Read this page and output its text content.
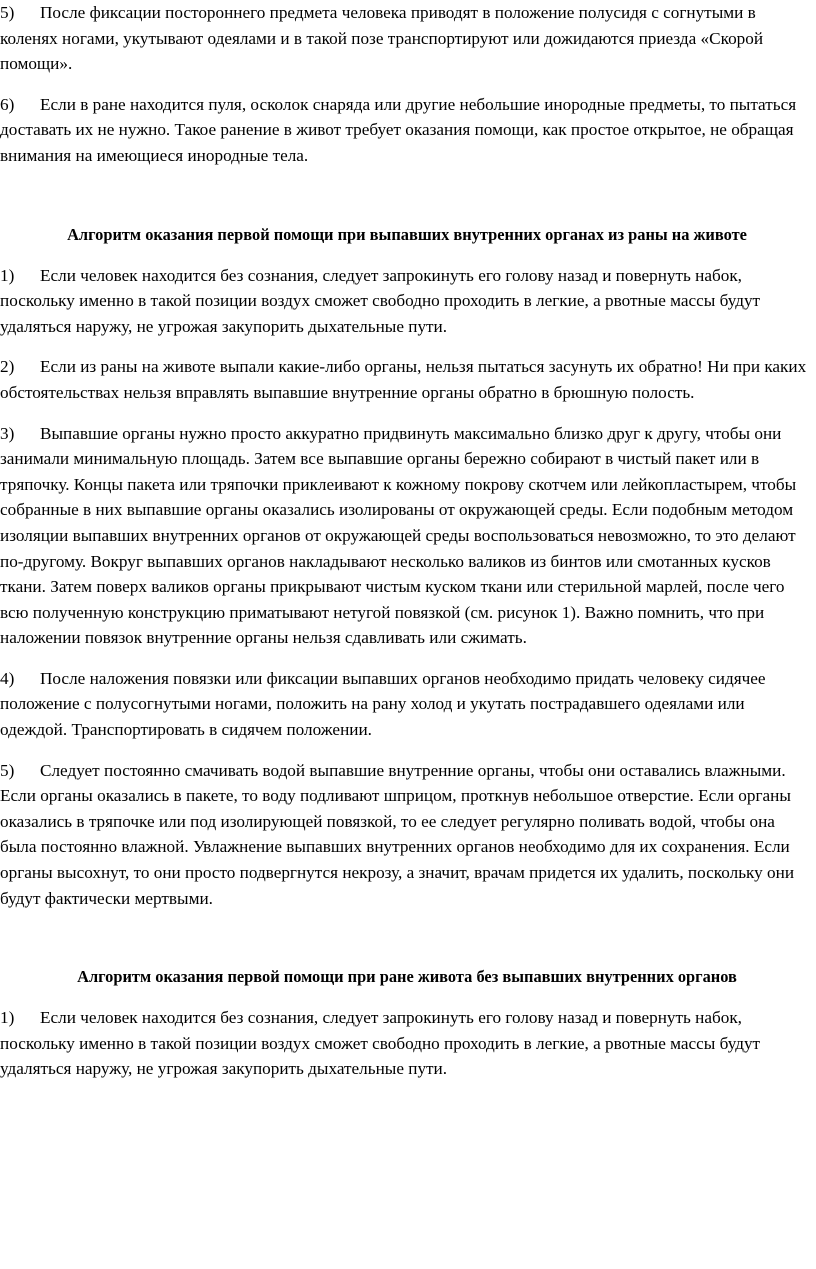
5) После фиксации постороннего предмета человека приводят в положение полусидя с согнутыми в коленях ногами, укутывают одеялами и в такой позе транспортируют или дожидаются приезда «Скорой помощи».

6) Если в ране находится пуля, осколок снаряда или другие небольшие инородные предметы, то пытаться доставать их не нужно. Такое ранение в живот требует оказания помощи, как простое открытое, не обращая внимания на имеющиеся инородные тела.

Алгоритм оказания первой помощи при выпавших внутренних органах из раны на животе

1) Если человек находится без сознания, следует запрокинуть его голову назад и повернуть набок, поскольку именно в такой позиции воздух сможет свободно проходить в легкие, а рвотные массы будут удаляться наружу, не угрожая закупорить дыхательные пути.

2) Если из раны на животе выпали какие-либо органы, нельзя пытаться засунуть их обратно! Ни при каких обстоятельствах нельзя вправлять выпавшие внутренние органы обратно в брюшную полость.

3) Выпавшие органы нужно просто аккуратно придвинуть максимально близко друг к другу, чтобы они занимали минимальную площадь. Затем все выпавшие органы бережно собирают в чистый пакет или в тряпочку. Концы пакета или тряпочки приклеивают к кожному покрову скотчем или лейкопластырем, чтобы собранные в них выпавшие органы оказались изолированы от окружающей среды. Если подобным методом изоляции выпавших внутренних органов от окружающей среды воспользоваться невозможно, то это делают по-другому. Вокруг выпавших органов накладывают несколько валиков из бинтов или смотанных кусков ткани. Затем поверх валиков органы прикрывают чистым куском ткани или стерильной марлей, после чего всю полученную конструкцию приматывают нетугой повязкой (см. рисунок 1). Важно помнить, что при наложении повязок внутренние органы нельзя сдавливать или сжимать.

4) После наложения повязки или фиксации выпавших органов необходимо придать человеку сидячее положение с полусогнутыми ногами, положить на рану холод и укутать пострадавшего одеялами или одеждой. Транспортировать в сидячем положении.

5) Следует постоянно смачивать водой выпавшие внутренние органы, чтобы они оставались влажными. Если органы оказались в пакете, то воду подливают шприцом, проткнув небольшое отверстие. Если органы оказались в тряпочке или под изолирующей повязкой, то ее следует регулярно поливать водой, чтобы она была постоянно влажной. Увлажнение выпавших внутренних органов необходимо для их сохранения. Если органы высохнут, то они просто подвергнутся некрозу, а значит, врачам придется их удалить, поскольку они будут фактически мертвыми.

Алгоритм оказания первой помощи при ране живота без выпавших внутренних органов

1) Если человек находится без сознания, следует запрокинуть его голову назад и повернуть набок, поскольку именно в такой позиции воздух сможет свободно проходить в легкие, а рвотные массы будут удаляться наружу, не угрожая закупорить дыхательные пути.
